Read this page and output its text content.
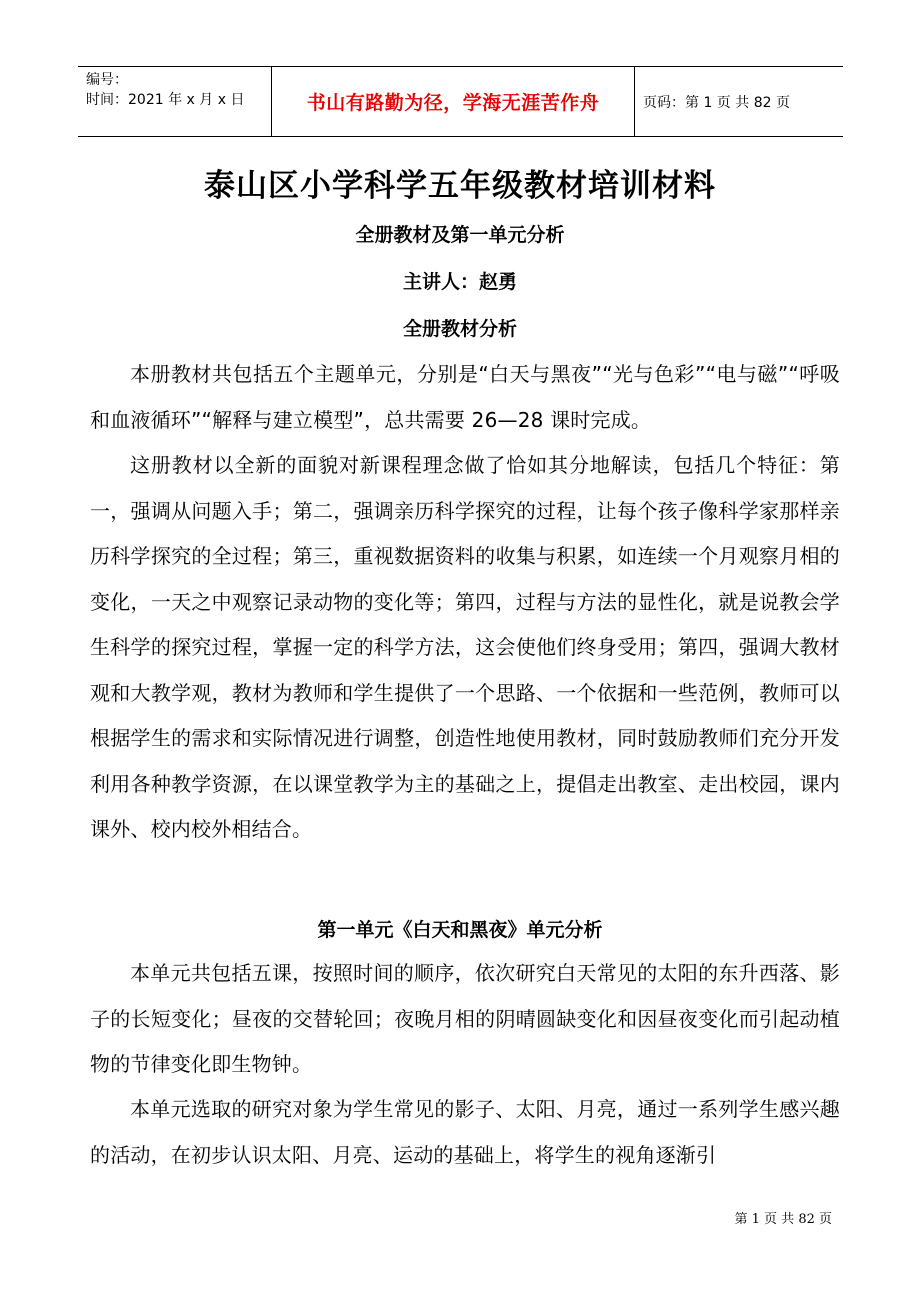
编号：
时间：2021 年 x 月 x 日	书山有路勤为径，学海无涯苦作舟	页码：第 1 页 共 82 页
泰山区小学科学五年级教材培训材料
全册教材及第一单元分析
主讲人：赵勇
全册教材分析
本册教材共包括五个主题单元，分别是“白天与黑夜”“光与色彩”“电与磁”“呼吸和血液循环”“解释与建立模型”，总共需要 26—28 课时完成。
这册教材以全新的面貌对新课程理念做了恰如其分地解读，包括几个特征：第一，强调从问题入手；第二，强调亲历科学探究的过程，让每个孩子像科学家那样亲历科学探究的全过程；第三，重视数据资料的收集与积累，如连续一个月观察月相的变化，一天之中观察记录动物的变化等；第四，过程与方法的显性化，就是说教会学生科学的探究过程，掌握一定的科学方法，这会使他们终身受用；第四，强调大教材观和大教学观，教材为教师和学生提供了一个思路、一个依据和一些范例，教师可以根据学生的需求和实际情况进行调整，创造性地使用教材，同时鼓励教师们充分开发利用各种教学资源，在以课堂教学为主的基础之上，提倡走出教室、走出校园，课内课外、校内校外相结合。
第一单元《白天和黑夜》单元分析
本单元共包括五课，按照时间的顺序，依次研究白天常见的太阳的东升西落、影子的长短变化；昼夜的交替轮回；夜晚月相的阴晴圆缺变化和因昼夜变化而引起动植物的节律变化即生物钟。
本单元选取的研究对象为学生常见的影子、太阳、月亮，通过一系列学生感兴趣的活动，在初步认识太阳、月亮、运动的基础上，将学生的视角逐渐引
第 1 页 共 82 页
